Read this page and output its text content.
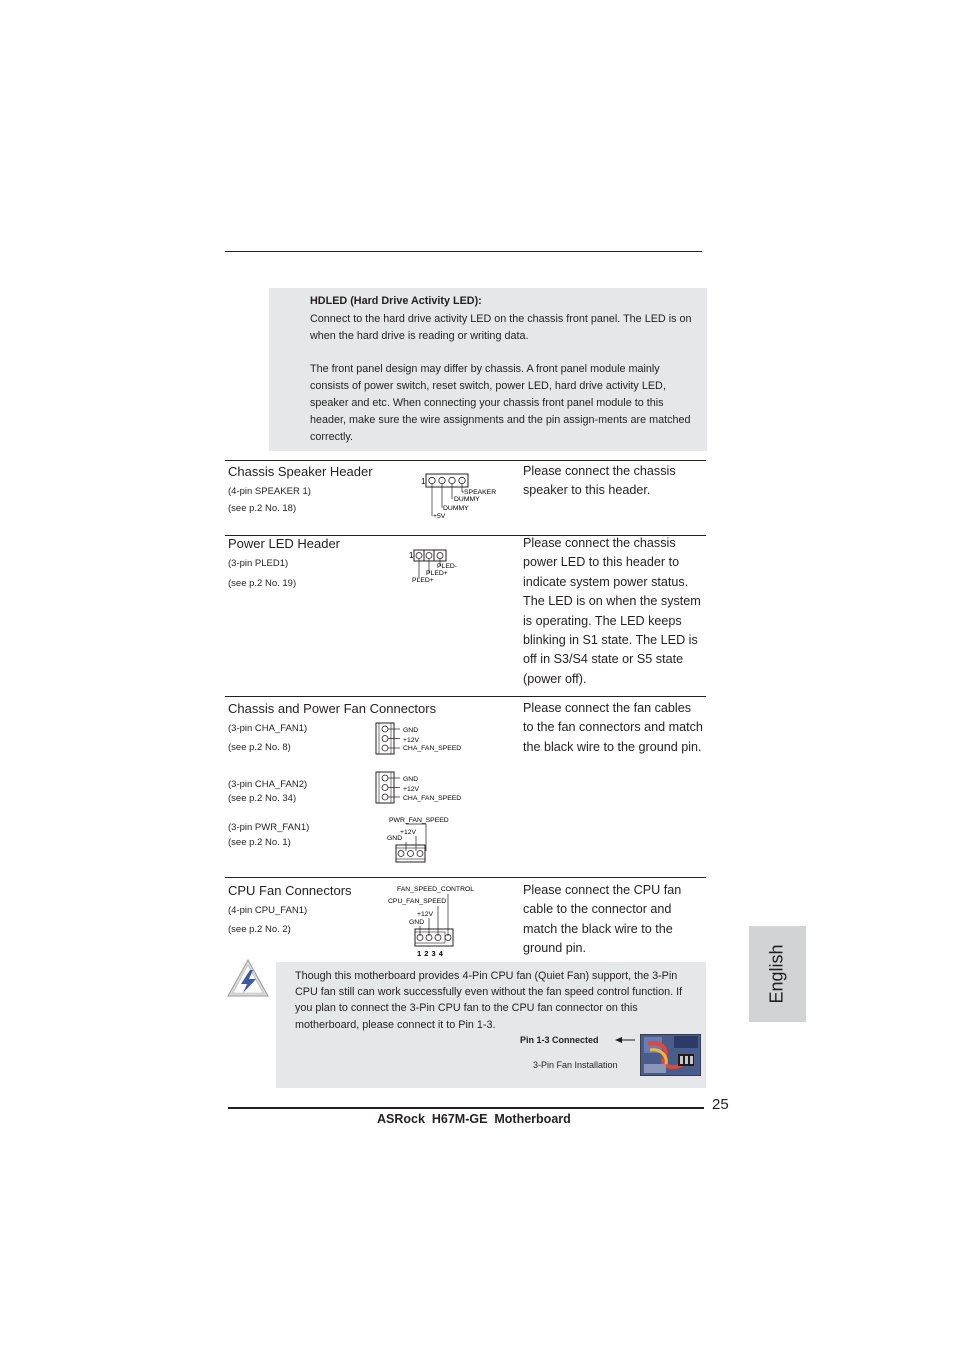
HDLED (Hard Drive Activity LED):
Connect to the hard drive activity LED on the chassis front panel. The LED is on when the hard drive is reading or writing data.
The front panel design may differ by chassis. A front panel module mainly consists of power switch, reset switch, power LED, hard drive activity LED, speaker and etc. When connecting your chassis front panel module to this header, make sure the wire assignments and the pin assign-ments are matched correctly.
Chassis Speaker Header
(4-pin SPEAKER 1)
(see p.2 No. 18)
1
SPEAKER
DUMMY
DUMMY
+5V
Please connect the chassis speaker to this header.
Power LED Header
(3-pin PLED1)
(see p.2 No. 19)
1
PLED-
PLED+
PLED+
Please connect the chassis power LED to this header to indicate system power status. The LED is on when the system is operating. The LED keeps blinking in S1 state. The LED is off in S3/S4 state or S5 state (power off).
Chassis and Power Fan Connectors
(3-pin CHA_FAN1)
(see p.2 No. 8)
GND
+12V
CHA_FAN_SPEED
(3-pin CHA_FAN2)
(see p.2 No. 34)
GND
+12V
CHA_FAN_SPEED
(3-pin PWR_FAN1)
(see p.2 No. 1)
PWR_FAN_SPEED
+12V
GND
Please connect the fan cables to the fan connectors and match the black wire to the ground pin.
CPU Fan Connectors
(4-pin CPU_FAN1)
(see p.2 No. 2)
FAN_SPEED_CONTROL
CPU_FAN_SPEED
+12V
GND
1 2 3 4
Please connect the CPU fan cable to the connector and match the black wire to the ground pin.
Though this motherboard provides 4-Pin CPU fan (Quiet Fan) support, the 3-Pin CPU fan still can work successfully even without the fan speed control function. If you plan to connect the 3-Pin CPU fan to the CPU fan connector on this motherboard, please connect it to Pin 1-3.
Pin 1-3 Connected
3-Pin Fan Installation
English
25
ASRock  H67M-GE  Motherboard
